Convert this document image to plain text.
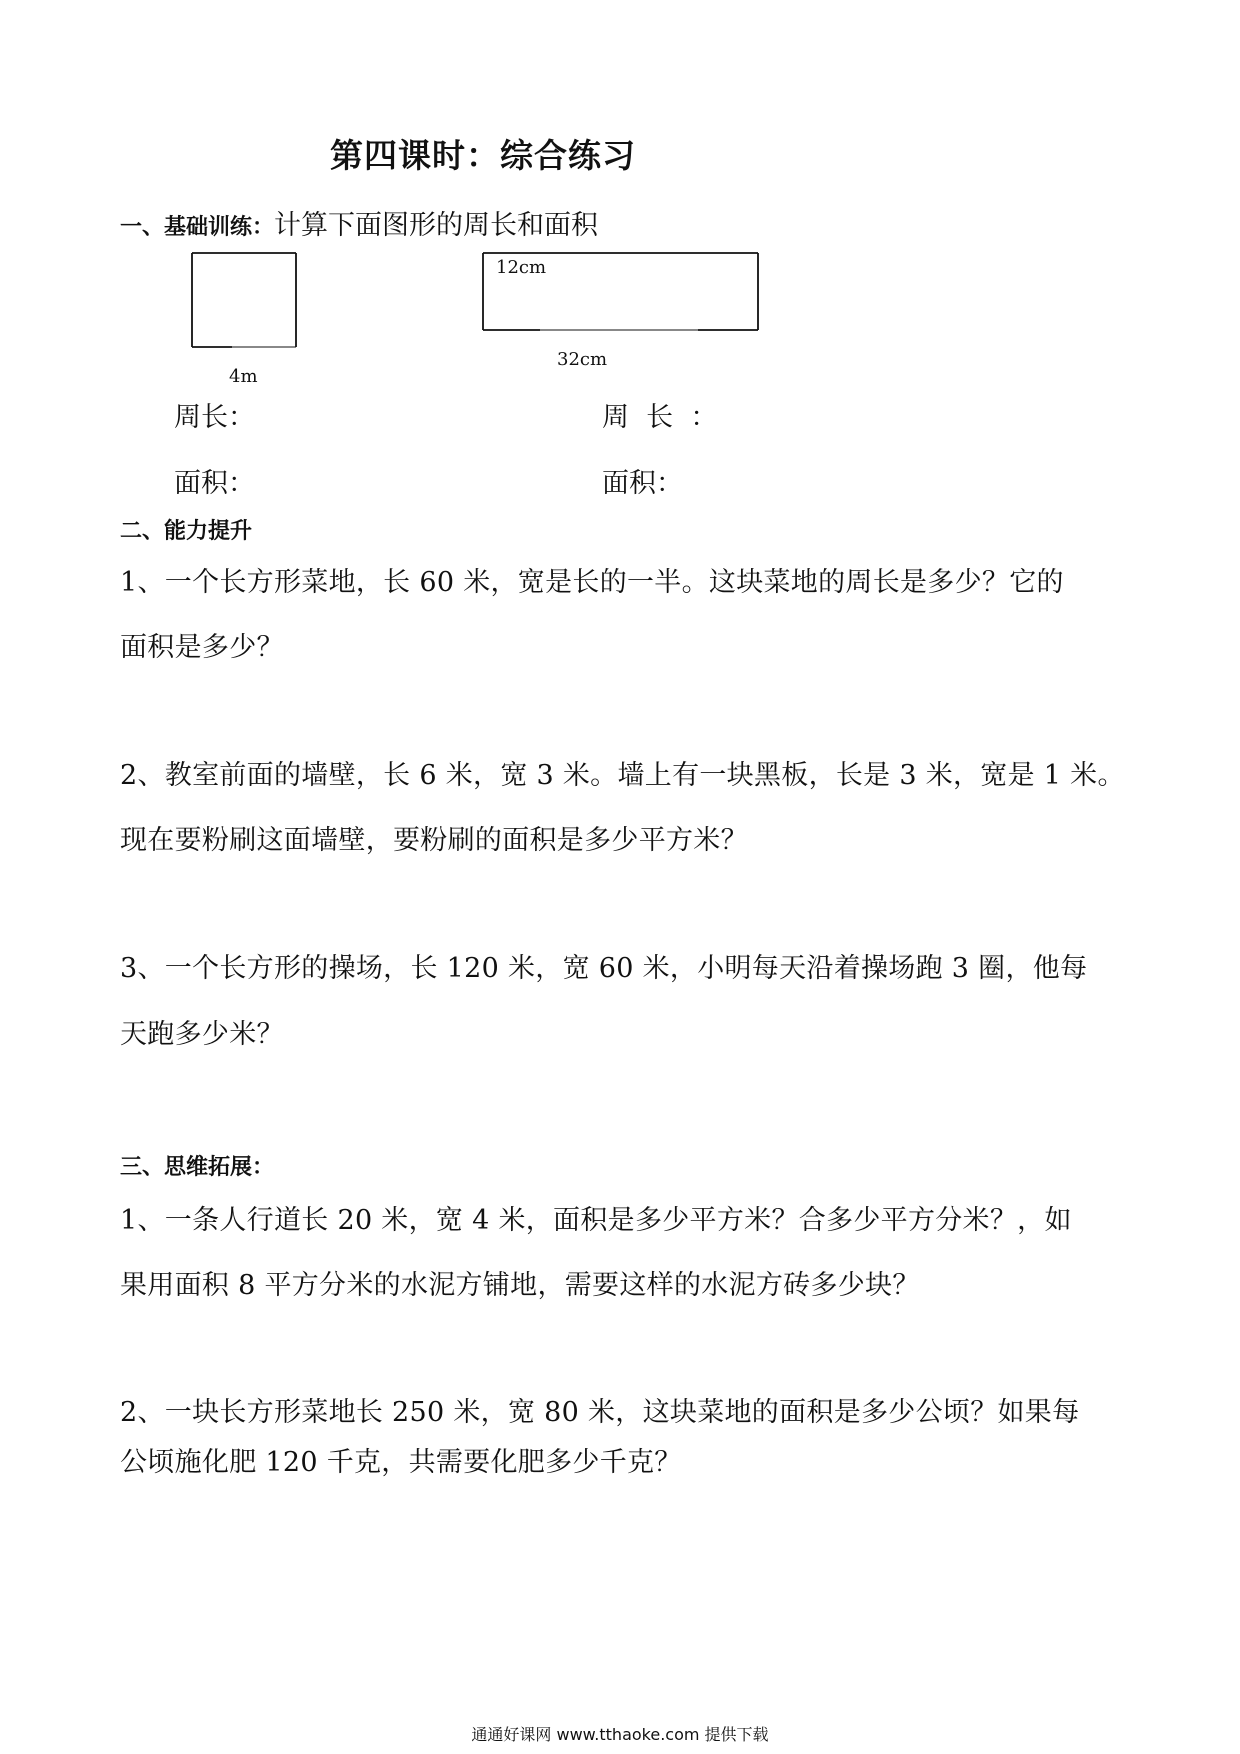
第四课时：综合练习
一、基础训练：计算下面图形的周长和面积
12cm
4m
32cm
周长：	周  长  ：
面积：	面积：
二、能力提升
1、一个长方形菜地，长 60 米，宽是长的一半。这块菜地的周长是多少？它的
面积是多少？
2、教室前面的墙壁，长 6 米，宽 3 米。墙上有一块黑板，长是 3 米，宽是 1 米。
现在要粉刷这面墙壁，要粉刷的面积是多少平方米？
3、一个长方形的操场，长 120 米，宽 60 米，小明每天沿着操场跑 3 圈，他每
天跑多少米？
三、思维拓展：
1、一条人行道长 20 米，宽 4 米，面积是多少平方米？合多少平方分米？，如
果用面积 8 平方分米的水泥方铺地，需要这样的水泥方砖多少块？
2、一块长方形菜地长 250 米，宽 80 米，这块菜地的面积是多少公顷？如果每
公顷施化肥 120 千克，共需要化肥多少千克？
通通好课网 www.tthaoke.com 提供下载
